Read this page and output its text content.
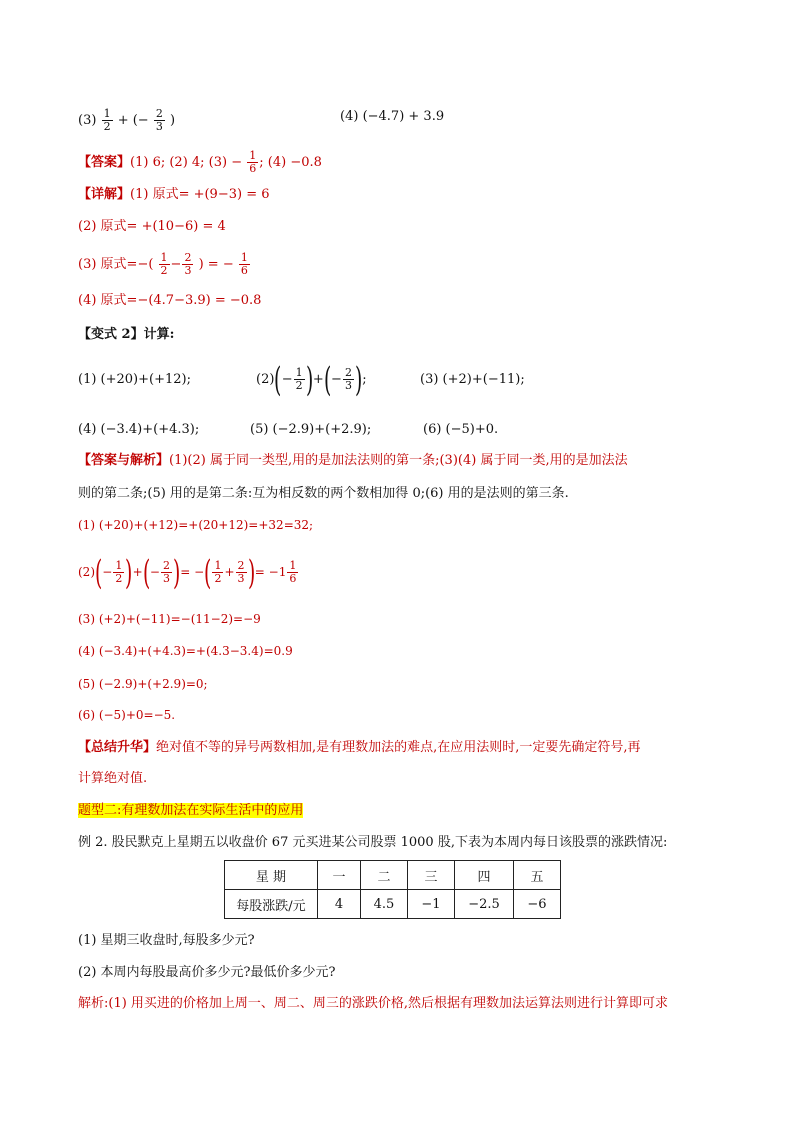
$(3) \frac{1}{2}$ + (− $\frac{2}{3}$ )	(4) (−4.7) + 3.9
【答案】(1) 6; (2) 4; $(3) - \frac{1}{6}$ ; (4) −0.8
【详解】(1) 原式= +(9−3) = 6
(2) 原式= +(10−6) = 4
(3) 原式=−( $\frac{1}{2} - \frac{2}{3}$ ) = − $\frac{1}{6}$
(4) 原式=−(4.7−3.9) = −0.8
【变式 2】计算:
(1) (+20)+(+12);	$(2)(- \frac{1}{2}$ )+(− $\frac{2}{3}$ );	(3) (+2)+(−11);
(4) (−3.4)+(+4.3);	(5) (−2.9)+(+2.9);	(6) (−5)+0.
【答案与解析】(1)(2) 属于同一类型,用的是加法法则的第一条;(3)(4) 属于同一类,用的是加法法
则的第二条;(5) 用的是第二条:互为相反数的两个数相加得 0;(6) 用的是法则的第三条.
(1) (+20)+(+12)=+(20+12)=+32=32;
$(2)(- \frac{1}{2}$ )+(− $\frac{2}{3}$ )= −( $\frac{1}{2} + \frac{2}{3}$ )= $-1 \frac{1}{6}$
(3) (+2)+(−11)=−(11−2)=−9
(4) (−3.4)+(+4.3)=+(4.3−3.4)=0.9
(5) (−2.9)+(+2.9)=0;
(6) (−5)+0=−5.
【总结升华】绝对值不等的异号两数相加,是有理数加法的难点,在应用法则时,一定要先确定符号,再
计算绝对值.
题型二:有理数加法在实际生活中的应用
例 2. 股民默克上星期五以收盘价 67 元买进某公司股票 1000 股,下表为本周内每日该股票的涨跌情况:
星 期	一	二	三	四	五
每股涨跌/元	4	4.5	−1	−2.5	−6
(1) 星期三收盘时,每股多少元?
(2) 本周内每股最高价多少元?最低价多少元?
解析:(1) 用买进的价格加上周一、周二、周三的涨跌价格,然后根据有理数加法运算法则进行计算即可求
